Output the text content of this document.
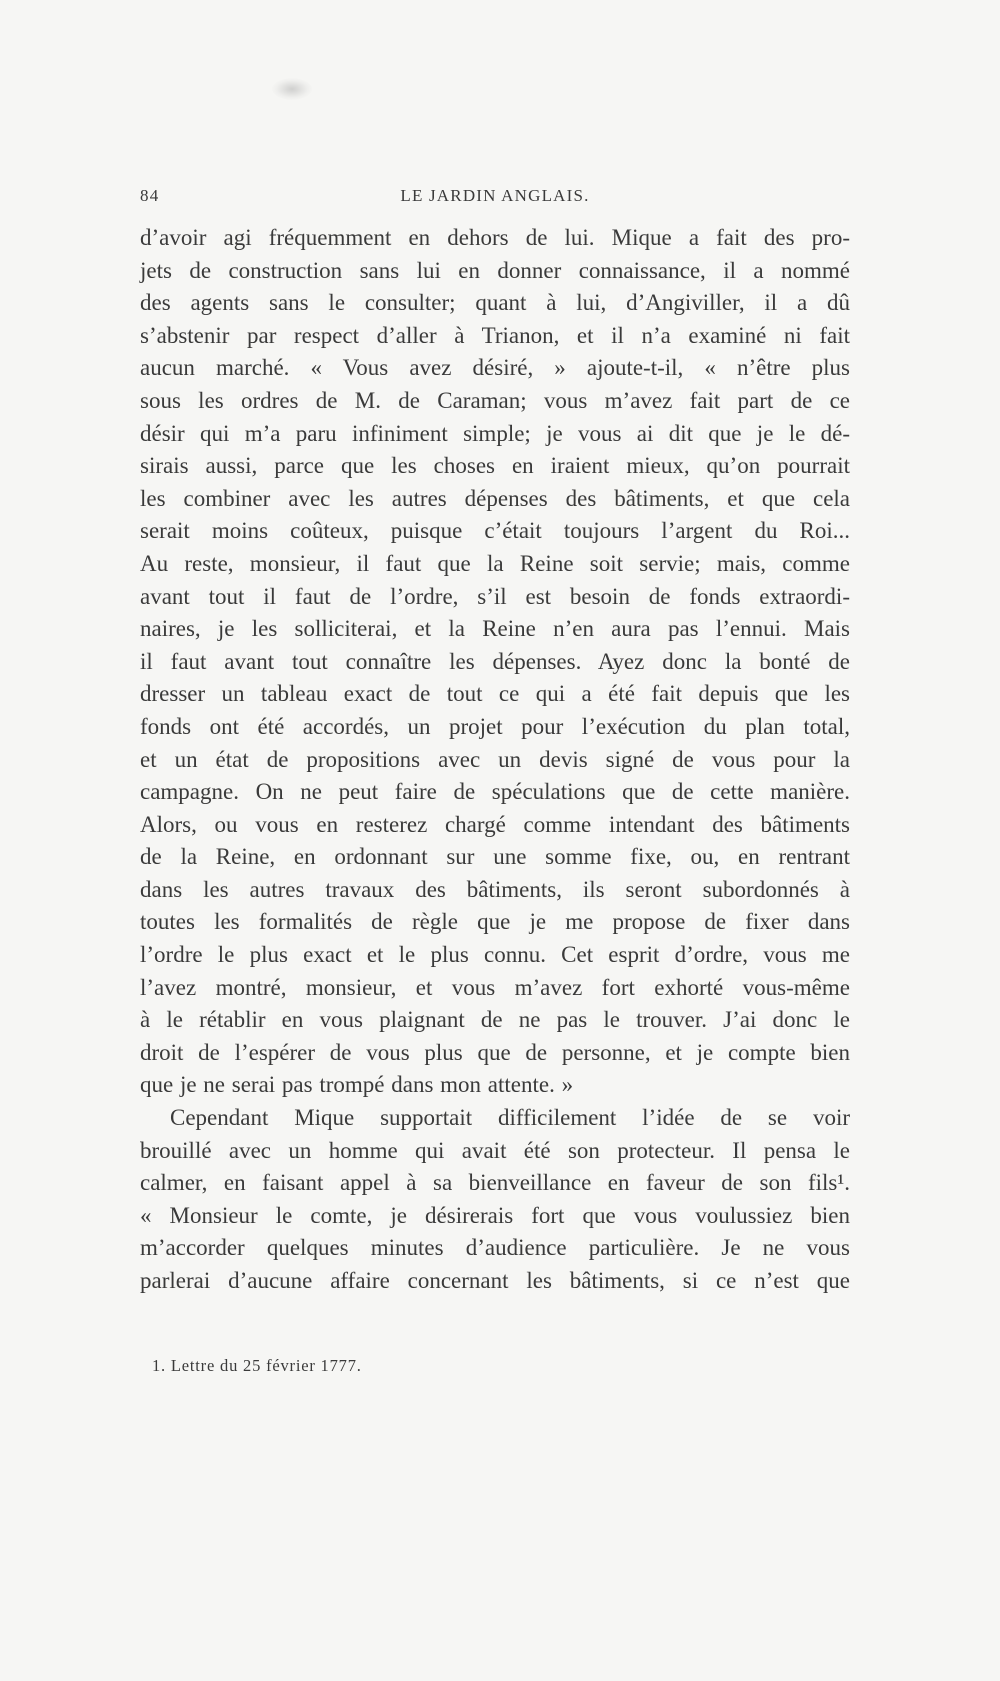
84	LE JARDIN ANGLAIS.
d’avoir agi fréquemment en dehors de lui. Mique a fait des pro-
jets de construction sans lui en donner connaissance, il a nommé
des agents sans le consulter; quant à lui, d’Angiviller, il a dû
s’abstenir par respect d’aller à Trianon, et il n’a examiné ni fait
aucun marché. « Vous avez désiré, » ajoute-t-il, « n’être plus
sous les ordres de M. de Caraman; vous m’avez fait part de ce
désir qui m’a paru infiniment simple; je vous ai dit que je le dé-
sirais aussi, parce que les choses en iraient mieux, qu’on pourrait
les combiner avec les autres dépenses des bâtiments, et que cela
serait moins coûteux, puisque c’était toujours l’argent du Roi...
Au reste, monsieur, il faut que la Reine soit servie; mais, comme
avant tout il faut de l’ordre, s’il est besoin de fonds extraordi-
naires, je les solliciterai, et la Reine n’en aura pas l’ennui. Mais
il faut avant tout connaître les dépenses. Ayez donc la bonté de
dresser un tableau exact de tout ce qui a été fait depuis que les
fonds ont été accordés, un projet pour l’exécution du plan total,
et un état de propositions avec un devis signé de vous pour la
campagne. On ne peut faire de spéculations que de cette manière.
Alors, ou vous en resterez chargé comme intendant des bâtiments
de la Reine, en ordonnant sur une somme fixe, ou, en rentrant
dans les autres travaux des bâtiments, ils seront subordonnés à
toutes les formalités de règle que je me propose de fixer dans
l’ordre le plus exact et le plus connu. Cet esprit d’ordre, vous me
l’avez montré, monsieur, et vous m’avez fort exhorté vous-même
à le rétablir en vous plaignant de ne pas le trouver. J’ai donc le
droit de l’espérer de vous plus que de personne, et je compte bien
que je ne serai pas trompé dans mon attente. »
Cependant Mique supportait difficilement l’idée de se voir
brouillé avec un homme qui avait été son protecteur. Il pensa le
calmer, en faisant appel à sa bienveillance en faveur de son fils¹.
« Monsieur le comte, je désirerais fort que vous voulussiez bien
m’accorder quelques minutes d’audience particulière. Je ne vous
parlerai d’aucune affaire concernant les bâtiments, si ce n’est que
1. Lettre du 25 février 1777.
